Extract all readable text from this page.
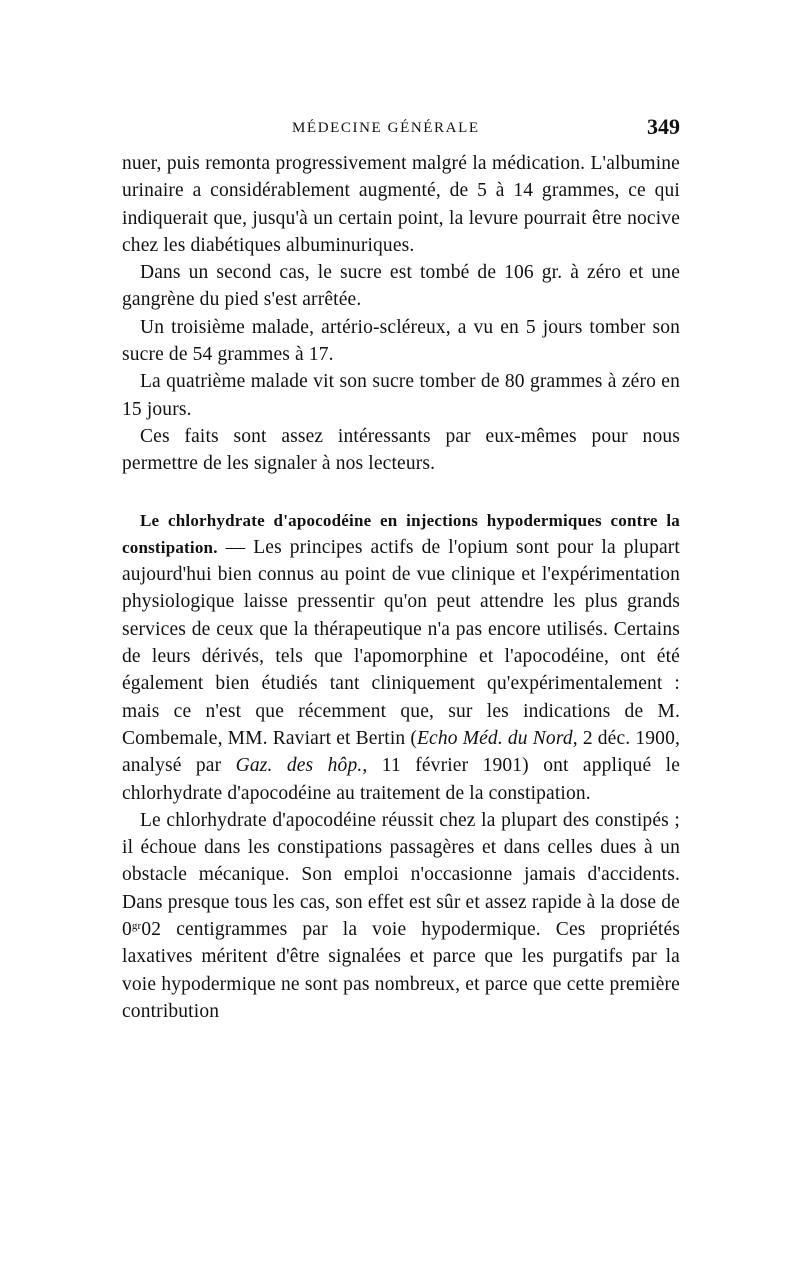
MÉDECINE GÉNÉRALE	349

nuer, puis remonta progressivement malgré la médication. L'albumine urinaire a considérablement augmenté, de 5 à 14 grammes, ce qui indiquerait que, jusqu'à un certain point, la levure pourrait être nocive chez les diabétiques albuminuriques.

Dans un second cas, le sucre est tombé de 106 gr. à zéro et une gangrène du pied s'est arrêtée.

Un troisième malade, artério-scléreux, a vu en 5 jours tomber son sucre de 54 grammes à 17.

La quatrième malade vit son sucre tomber de 80 grammes à zéro en 15 jours.

Ces faits sont assez intéressants par eux-mêmes pour nous permettre de les signaler à nos lecteurs.

Le chlorhydrate d'apocodéine en injections hypodermiques contre la constipation. — Les principes actifs de l'opium sont pour la plupart aujourd'hui bien connus au point de vue clinique et l'expérimentation physiologique laisse pressentir qu'on peut attendre les plus grands services de ceux que la thérapeutique n'a pas encore utilisés. Certains de leurs dérivés, tels que l'apomorphine et l'apocodéine, ont été également bien étudiés tant cliniquement qu'expérimentalement : mais ce n'est que récemment que, sur les indications de M. Combemale, MM. Raviart et Bertin (Echo Méd. du Nord, 2 déc. 1900, analysé par Gaz. des hôp., 11 février 1901) ont appliqué le chlorhydrate d'apocodéine au traitement de la constipation.

Le chlorhydrate d'apocodéine réussit chez la plupart des constipés ; il échoue dans les constipations passagères et dans celles dues à un obstacle mécanique. Son emploi n'occasionne jamais d'accidents. Dans presque tous les cas, son effet est sûr et assez rapide à la dose de $0^{gr}02$ centigrammes par la voie hypodermique. Ces propriétés laxatives méritent d'être signalées et parce que les purgatifs par la voie hypodermique ne sont pas nombreux, et parce que cette première contribution
